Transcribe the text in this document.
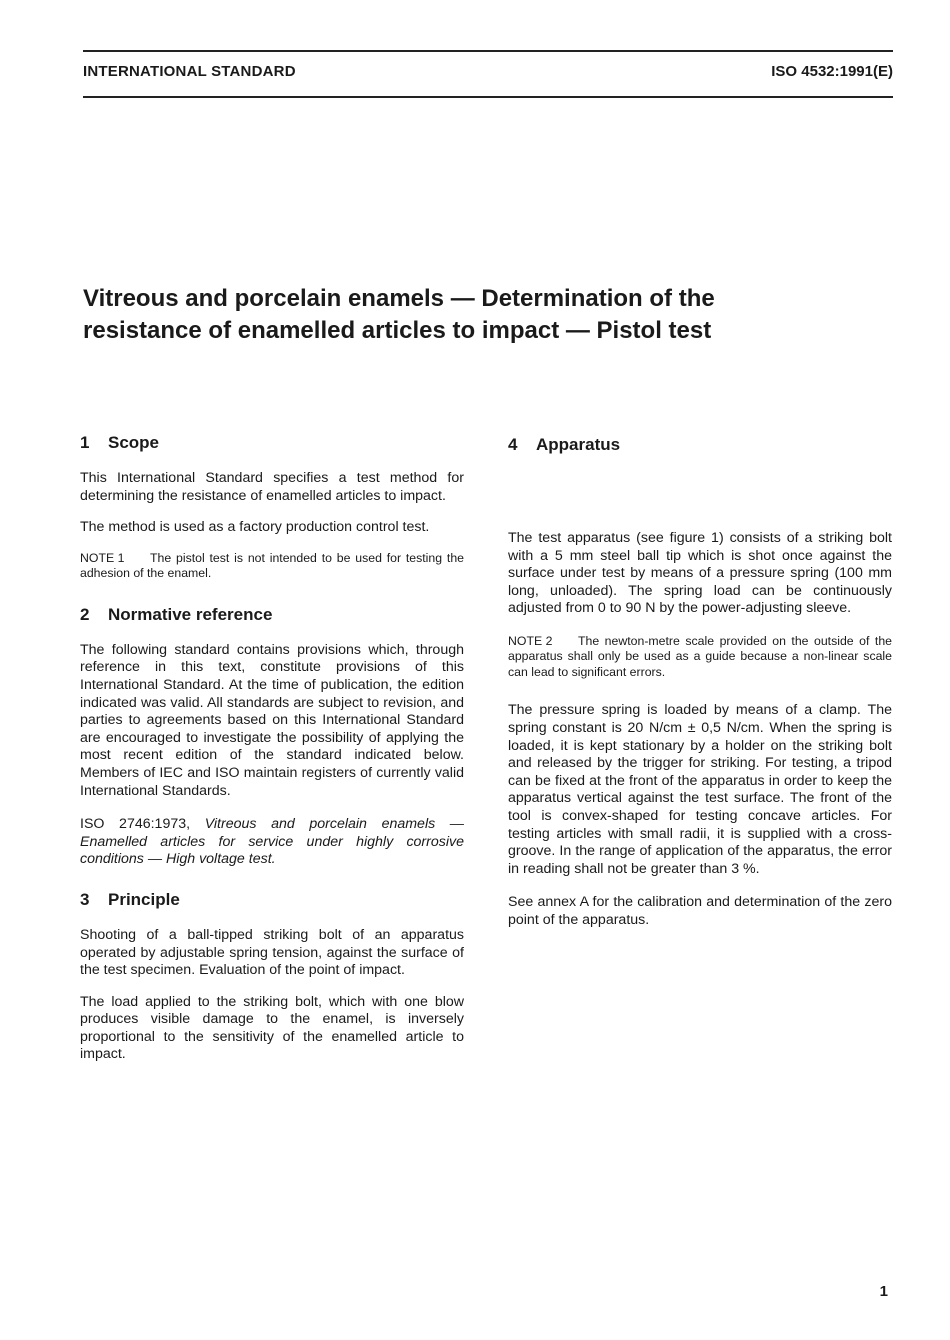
INTERNATIONAL STANDARD	ISO 4532:1991(E)
Vitreous and porcelain enamels — Determination of the
resistance of enamelled articles to impact — Pistol test
1 Scope

This International Standard specifies a test method for determining the resistance of enamelled articles to impact.

The method is used as a factory production control test.

NOTE 1 The pistol test is not intended to be used for testing the adhesion of the enamel.
2 Normative reference

The following standard contains provisions which, through reference in this text, constitute provisions of this International Standard. At the time of publication, the edition indicated was valid. All standards are subject to revision, and parties to agreements based on this International Standard are encouraged to investigate the possibility of applying the most recent edition of the standard indicated below. Members of IEC and ISO maintain registers of currently valid International Standards.

ISO 2746:1973, Vitreous and porcelain enamels — Enamelled articles for service under highly corrosive conditions — High voltage test.

3 Principle

Shooting of a ball-tipped striking bolt of an apparatus operated by adjustable spring tension, against the surface of the test specimen. Evaluation of the point of impact.

The load applied to the striking bolt, which with one blow produces visible damage to the enamel, is inversely proportional to the sensitivity of the enamelled article to impact.

4 Apparatus

The test apparatus (see figure 1) consists of a striking bolt with a 5 mm steel ball tip which is shot once against the surface under test by means of a pressure spring (100 mm long, unloaded). The spring load can be continuously adjusted from 0 to 90 N by the power-adjusting sleeve.

NOTE 2 The newton-metre scale provided on the outside of the apparatus shall only be used as a guide because a non-linear scale can lead to significant errors.

The pressure spring is loaded by means of a clamp. The spring constant is 20 N/cm ± 0,5 N/cm. When the spring is loaded, it is kept stationary by a holder on the striking bolt and released by the trigger for striking. For testing, a tripod can be fixed at the front of the apparatus in order to keep the apparatus vertical against the test surface. The front of the tool is convex-shaped for testing concave articles. For testing articles with small radii, it is supplied with a cross-groove. In the range of application of the apparatus, the error in reading shall not be greater than 3 %.

See annex A for the calibration and determination of the zero point of the apparatus.

1
